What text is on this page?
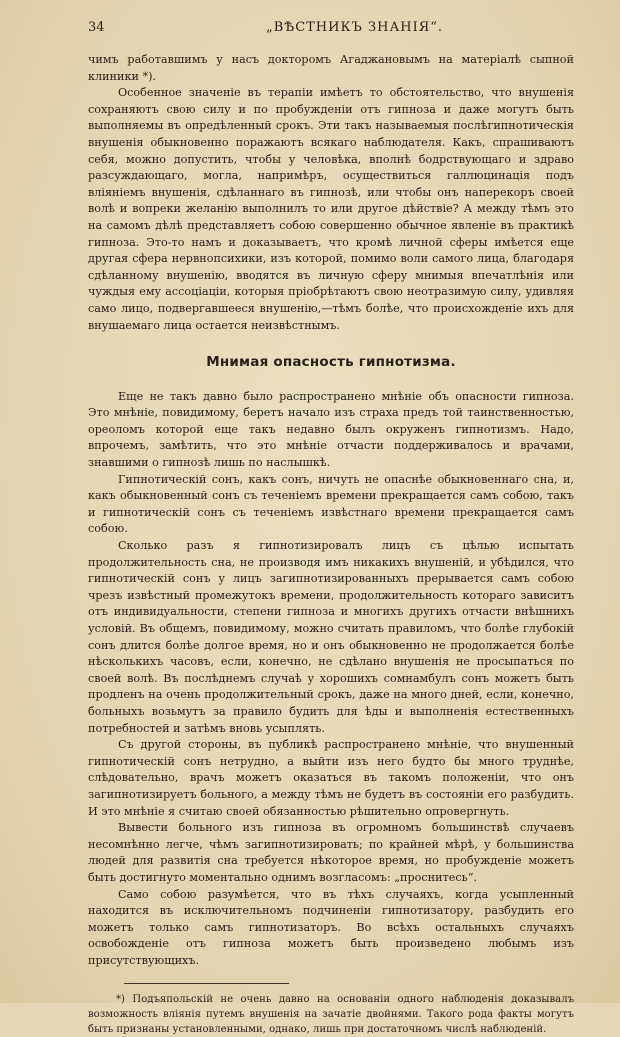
34	„ВѢСТНИКЪ ЗНАНІЯ“.

чимъ работавшимъ у насъ докторомъ Агаджановымъ на матеріалѣ сыпной клиники *).

Особенное значеніе въ терапіи имѣетъ то обстоятельство, что внушенія сохраняютъ свою силу и по пробужденіи отъ гипноза и даже могутъ быть выполняемы въ опредѣленный срокъ. Эти такъ называемыя послѣгипнотическія внушенія обыкновенно поражаютъ всякаго наблюдателя. Какъ, спрашиваютъ себя, можно допустить, чтобы у человѣка, вполнѣ бодрствующаго и здраво разсуждающаго, могла, напримѣръ, осуществиться галлюцинація подъ вліяніемъ внушенія, сдѣланнаго въ гипнозѣ, или чтобы онъ наперекоръ своей волѣ и вопреки желанію выполнилъ то или другое дѣйствіе? А между тѣмъ это на самомъ дѣлѣ представляетъ собою совершенно обычное явленіе въ практикѣ гипноза. Это-то намъ и доказываетъ, что кромѣ личной сферы имѣется еще другая сфера нервнопсихики, изъ которой, помимо воли самого лица, благодаря сдѣланному внушенію, вводятся въ личную сферу мнимыя впечатлѣнія или чуждыя ему ассоціаціи, которыя пріобрѣтаютъ свою неотразимую силу, удивляя само лицо, подвергавшееся внушенію,—тѣмъ болѣе, что происхожденіе ихъ для внушаемаго лица остается неизвѣстнымъ.

Мнимая опасность гипнотизма.

Еще не такъ давно было распространено мнѣніе объ опасности гипноза. Это мнѣніе, повидимому, беретъ начало изъ страха предъ той таинственностью, ореоломъ которой еще такъ недавно былъ окруженъ гипнотизмъ. Надо, впрочемъ, замѣтить, что это мнѣніе отчасти поддерживалось и врачами, знавшими о гипнозѣ лишь по наслышкѣ.

Гипнотическій сонъ, какъ сонъ, ничуть не опаснѣе обыкновеннаго сна, и, какъ обыкновенный сонъ съ теченіемъ времени прекращается самъ собою, такъ и гипнотическій сонъ съ теченіемъ извѣстнаго времени прекращается самъ собою.

Сколько разъ я гипнотизировалъ лицъ съ цѣлью испытать продолжительность сна, не производя имъ никакихъ внушеній, и убѣдился, что гипнотическій сонъ у лицъ загипнотизированныхъ прерывается самъ собою чрезъ извѣстный промежутокъ времени, продолжительность котораго зависитъ отъ индивидуальности, степени гипноза и многихъ другихъ отчасти внѣшнихъ условій. Въ общемъ, повидимому, можно считать правиломъ, что болѣе глубокій сонъ длится болѣе долгое время, но и онъ обыкновенно не продолжается болѣе нѣсколькихъ часовъ, если, конечно, не сдѣлано внушенія не просыпаться по своей волѣ. Въ послѣднемъ случаѣ у хорошихъ сомнамбулъ сонъ можетъ быть продленъ на очень продолжительный срокъ, даже на много дней, если, конечно, больныхъ возьмутъ за правило будить для ѣды и выполненія естественныхъ потребностей и затѣмъ вновь усыплять.

Съ другой стороны, въ публикѣ распространено мнѣніе, что внушенный гипнотическій сонъ нетрудно, а выйти изъ него будто бы много труднѣе, слѣдовательно, врачъ можетъ оказаться въ такомъ положеніи, что онъ загипнотизируетъ больного, а между тѣмъ не будетъ въ состояніи его разбудить. И это мнѣніе я считаю своей обязанностью рѣшительно опровергнуть.

Вывести больного изъ гипноза въ огромномъ большинствѣ случаевъ несомнѣнно легче, чѣмъ загипнотизировать; по крайней мѣрѣ, у большинства людей для развитія сна требуется нѣкоторое время, но пробужденіе можетъ быть достигнуто моментально однимъ возгласомъ: „проснитесь“.

Само собою разумѣется, что въ тѣхъ случаяхъ, когда усыпленный находится въ исключительномъ подчиненіи гипнотизатору, разбудить его можетъ только самъ гипнотизаторъ. Во всѣхъ остальныхъ случаяхъ освобожденіе отъ гипноза можетъ быть произведено любымъ изъ присутствующихъ.

*) Подъяпольскій не очень давно на основаніи одного наблюденія доказывалъ возможность вліянія путемъ внушенія на зачатіе двойнями. Такого рода факты могутъ быть признаны установленными, однако, лишь при достаточномъ числѣ наблюденій.
